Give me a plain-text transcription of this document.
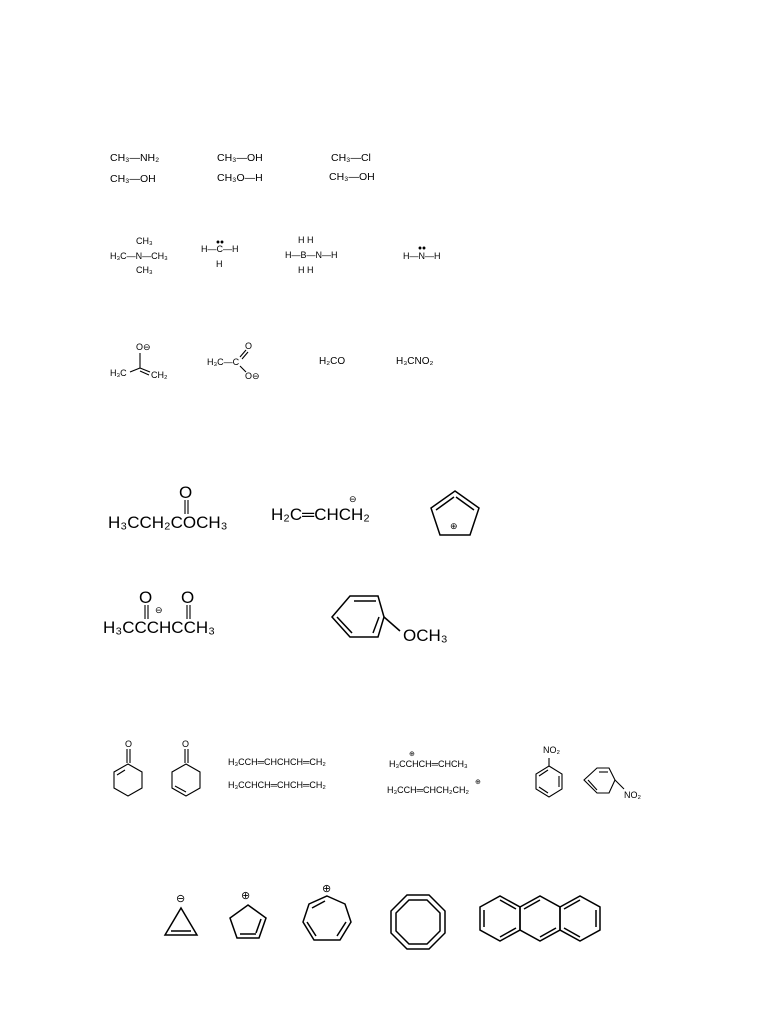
CH₃—NH₂
CH₃—OH
CH₃—OH
CH₃O—H
CH₃—Cl
CH₃—OH
CH₃
H₃C—N—CH₃
CH₃
H—C—H
H
H H
H—B—N—H
H H
H—N—H
O⊖
H₃C	CH₂
H₃C—C
O
O⊖
H₂CO	H₃CNO₂
O
H₃CCH₂COCH₃
⊖
H₂C═CHCH₂
⊕
O O
⊖
H₃CCCHCCH₃	OCH₃
O	O
H₃CCH═CHCHCH═CH₂
H₃CCHCH═CHCH═CH₂
H₃CCHCH═CHCH₃
H₃CCH═CHCH₂CH₂
⊕
⊕
NO₂
NO₂
⊖	⊕
⊕
